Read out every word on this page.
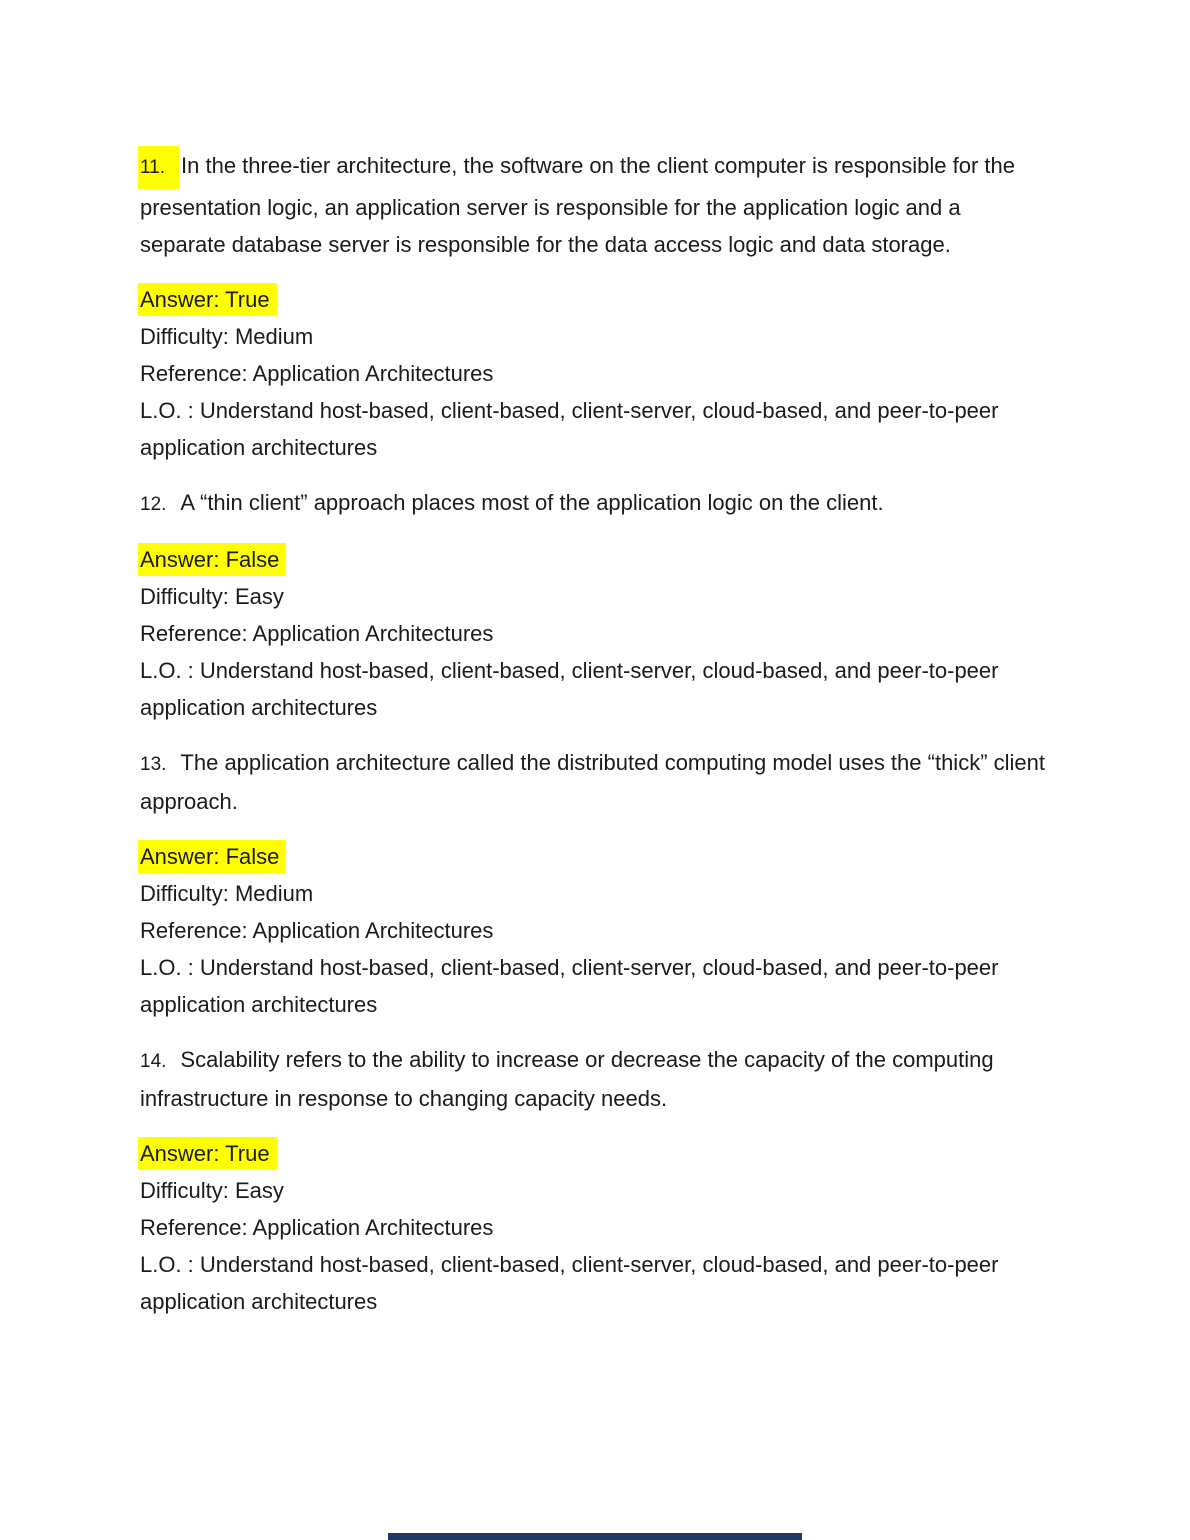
11. In the three-tier architecture, the software on the client computer is responsible for the presentation logic, an application server is responsible for the application logic and a separate database server is responsible for the data access logic and data storage.

Answer: True

Difficulty: Medium

Reference: Application Architectures

L.O. : Understand host-based, client-based, client-server, cloud-based, and peer-to-peer application architectures

12. A “thin client” approach places most of the application logic on the client.

Answer: False

Difficulty: Easy

Reference: Application Architectures

L.O. : Understand host-based, client-based, client-server, cloud-based, and peer-to-peer application architectures

13. The application architecture called the distributed computing model uses the “thick” client approach.

Answer: False

Difficulty: Medium

Reference: Application Architectures

L.O. : Understand host-based, client-based, client-server, cloud-based, and peer-to-peer application architectures

14. Scalability refers to the ability to increase or decrease the capacity of the computing infrastructure in response to changing capacity needs.

Answer: True

Difficulty: Easy

Reference: Application Architectures

L.O. : Understand host-based, client-based, client-server, cloud-based, and peer-to-peer application architectures
